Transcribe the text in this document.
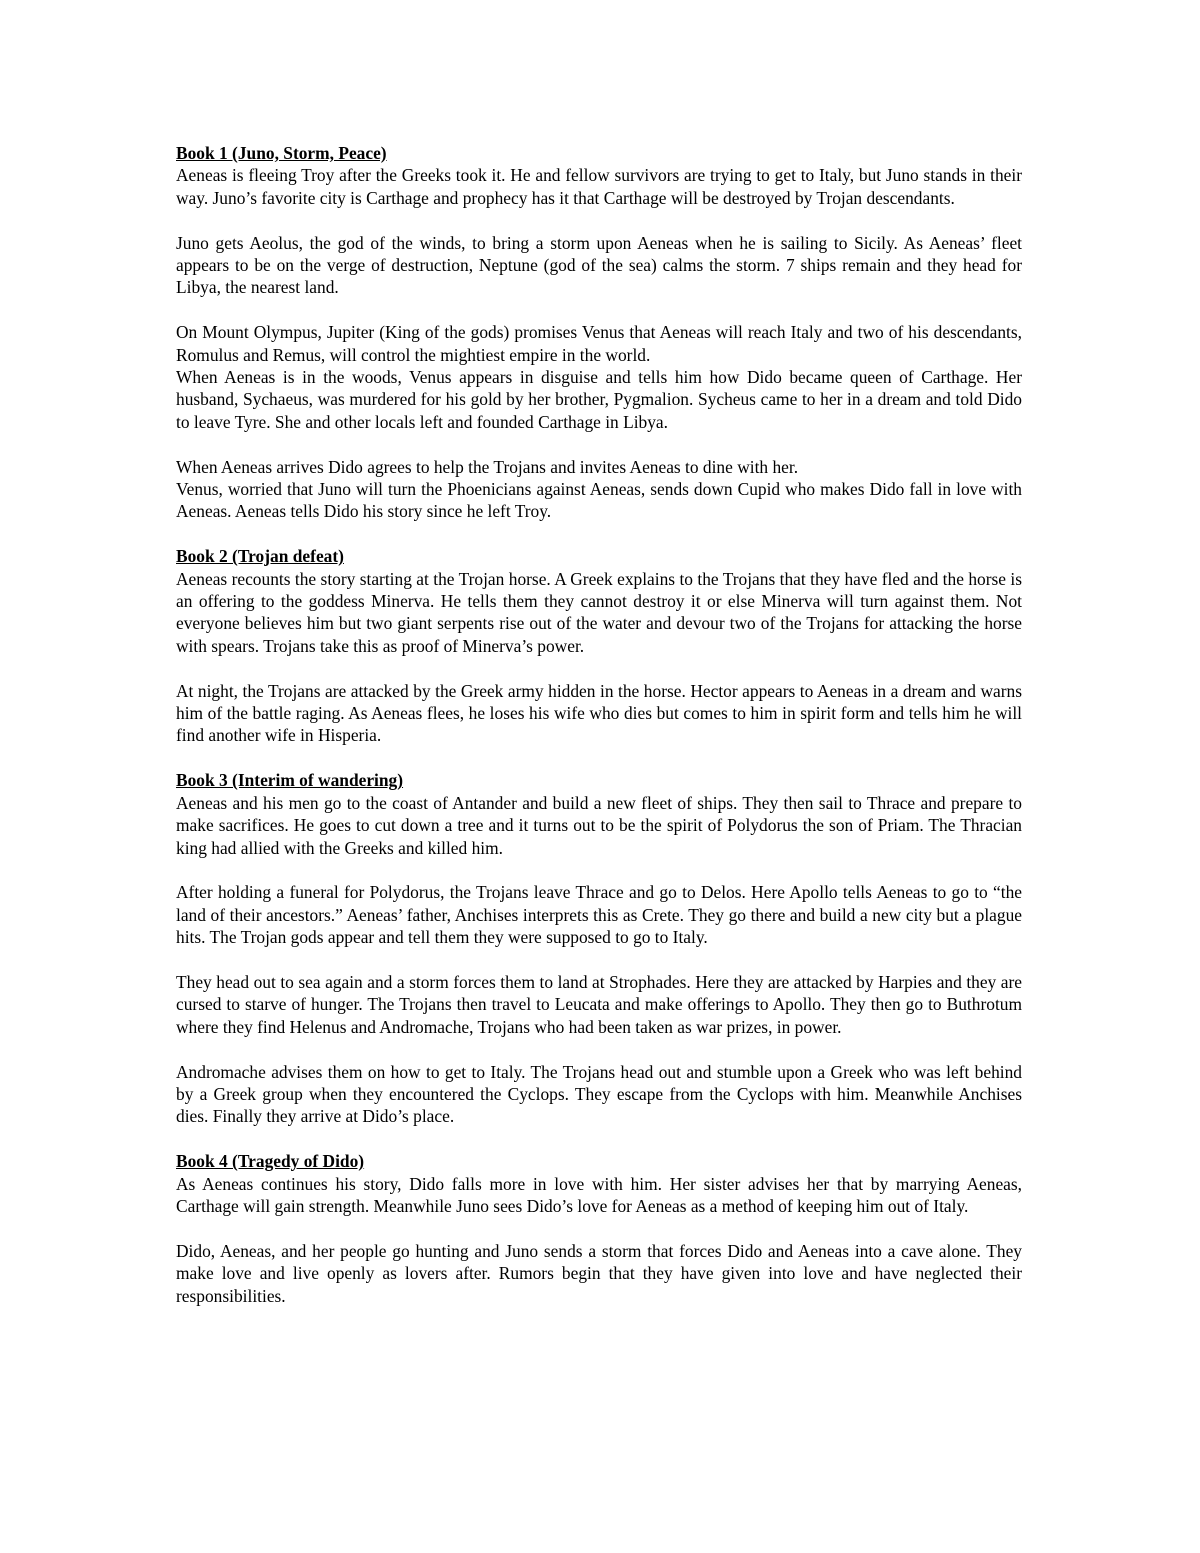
Book 1 (Juno, Storm, Peace)

Aeneas is fleeing Troy after the Greeks took it. He and fellow survivors are trying to get to Italy, but Juno stands in their way. Juno’s favorite city is Carthage and prophecy has it that Carthage will be destroyed by Trojan descendants.

Juno gets Aeolus, the god of the winds, to bring a storm upon Aeneas when he is sailing to Sicily. As Aeneas’ fleet appears to be on the verge of destruction, Neptune (god of the sea) calms the storm. 7 ships remain and they head for Libya, the nearest land.

On Mount Olympus, Jupiter (King of the gods) promises Venus that Aeneas will reach Italy and two of his descendants, Romulus and Remus, will control the mightiest empire in the world.

When Aeneas is in the woods, Venus appears in disguise and tells him how Dido became queen of Carthage. Her husband, Sychaeus, was murdered for his gold by her brother, Pygmalion. Sycheus came to her in a dream and told Dido to leave Tyre. She and other locals left and founded Carthage in Libya.

When Aeneas arrives Dido agrees to help the Trojans and invites Aeneas to dine with her.

Venus, worried that Juno will turn the Phoenicians against Aeneas, sends down Cupid who makes Dido fall in love with Aeneas. Aeneas tells Dido his story since he left Troy.

Book 2 (Trojan defeat)

Aeneas recounts the story starting at the Trojan horse. A Greek explains to the Trojans that they have fled and the horse is an offering to the goddess Minerva. He tells them they cannot destroy it or else Minerva will turn against them. Not everyone believes him but two giant serpents rise out of the water and devour two of the Trojans for attacking the horse with spears. Trojans take this as proof of Minerva’s power.

At night, the Trojans are attacked by the Greek army hidden in the horse. Hector appears to Aeneas in a dream and warns him of the battle raging. As Aeneas flees, he loses his wife who dies but comes to him in spirit form and tells him he will find another wife in Hisperia.

Book 3 (Interim of wandering)

Aeneas and his men go to the coast of Antander and build a new fleet of ships. They then sail to Thrace and prepare to make sacrifices. He goes to cut down a tree and it turns out to be the spirit of Polydorus the son of Priam. The Thracian king had allied with the Greeks and killed him.

After holding a funeral for Polydorus, the Trojans leave Thrace and go to Delos. Here Apollo tells Aeneas to go to “the land of their ancestors.” Aeneas’ father, Anchises interprets this as Crete. They go there and build a new city but a plague hits. The Trojan gods appear and tell them they were supposed to go to Italy.

They head out to sea again and a storm forces them to land at Strophades. Here they are attacked by Harpies and they are cursed to starve of hunger. The Trojans then travel to Leucata and make offerings to Apollo. They then go to Buthrotum where they find Helenus and Andromache, Trojans who had been taken as war prizes, in power.

Andromache advises them on how to get to Italy. The Trojans head out and stumble upon a Greek who was left behind by a Greek group when they encountered the Cyclops. They escape from the Cyclops with him. Meanwhile Anchises dies. Finally they arrive at Dido’s place.

Book 4 (Tragedy of Dido)

As Aeneas continues his story, Dido falls more in love with him. Her sister advises her that by marrying Aeneas, Carthage will gain strength. Meanwhile Juno sees Dido’s love for Aeneas as a method of keeping him out of Italy.

Dido, Aeneas, and her people go hunting and Juno sends a storm that forces Dido and Aeneas into a cave alone. They make love and live openly as lovers after. Rumors begin that they have given into love and have neglected their responsibilities.
